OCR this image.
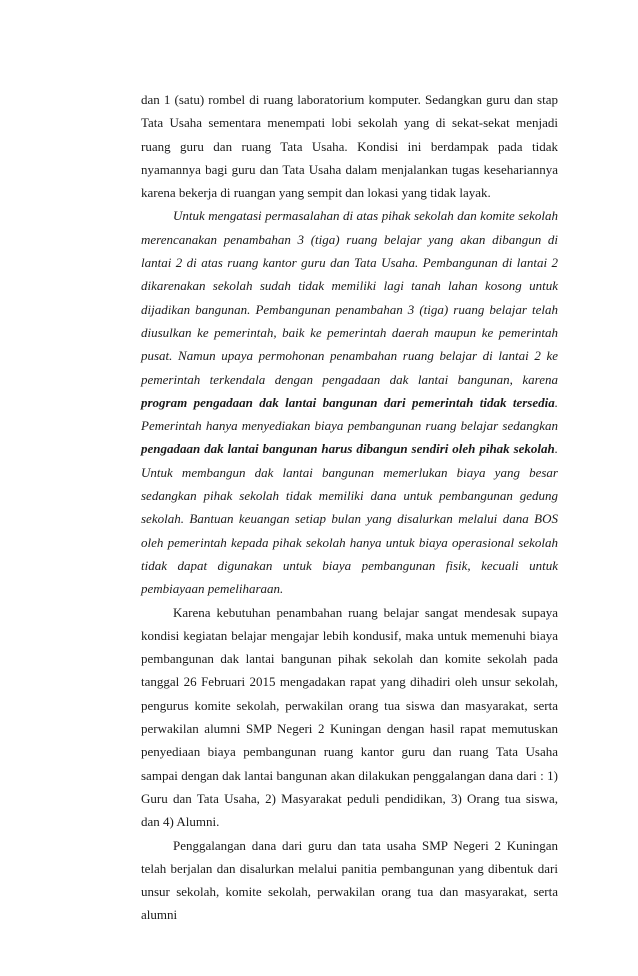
dan 1 (satu) rombel di ruang laboratorium komputer. Sedangkan guru dan stap Tata Usaha sementara menempati lobi sekolah yang di sekat-sekat menjadi ruang guru dan ruang Tata Usaha. Kondisi ini berdampak pada tidak nyamannya bagi guru dan Tata Usaha dalam menjalankan tugas kesehariannya karena bekerja di ruangan yang sempit dan lokasi yang tidak layak.

Untuk mengatasi permasalahan di atas pihak sekolah dan komite sekolah merencanakan penambahan 3 (tiga) ruang belajar yang akan dibangun di lantai 2 di atas ruang kantor guru dan Tata Usaha. Pembangunan di lantai 2 dikarenakan sekolah sudah tidak memiliki lagi tanah lahan kosong untuk dijadikan bangunan. Pembangunan penambahan 3 (tiga) ruang belajar telah diusulkan ke pemerintah, baik ke pemerintah daerah maupun ke pemerintah pusat. Namun upaya permohonan penambahan ruang belajar di lantai 2 ke pemerintah terkendala dengan pengadaan dak lantai bangunan, karena program pengadaan dak lantai bangunan dari pemerintah tidak tersedia. Pemerintah hanya menyediakan biaya pembangunan ruang belajar sedangkan pengadaan dak lantai bangunan harus dibangun sendiri oleh pihak sekolah. Untuk membangun dak lantai bangunan memerlukan biaya yang besar sedangkan pihak sekolah tidak memiliki dana untuk pembangunan gedung sekolah. Bantuan keuangan setiap bulan yang disalurkan melalui dana BOS oleh pemerintah kepada pihak sekolah hanya untuk biaya operasional sekolah tidak dapat digunakan untuk biaya pembangunan fisik, kecuali untuk pembiayaan pemeliharaan.

Karena kebutuhan penambahan ruang belajar sangat mendesak supaya kondisi kegiatan belajar mengajar lebih kondusif, maka untuk memenuhi biaya pembangunan dak lantai bangunan pihak sekolah dan komite sekolah pada tanggal 26 Februari 2015 mengadakan rapat yang dihadiri oleh unsur sekolah, pengurus komite sekolah, perwakilan orang tua siswa dan masyarakat, serta perwakilan alumni SMP Negeri 2 Kuningan dengan hasil rapat memutuskan penyediaan biaya pembangunan ruang kantor guru dan ruang Tata Usaha sampai dengan dak lantai bangunan akan dilakukan penggalangan dana dari : 1) Guru dan Tata Usaha, 2) Masyarakat peduli pendidikan, 3) Orang tua siswa, dan 4) Alumni.

Penggalangan dana dari guru dan tata usaha SMP Negeri 2 Kuningan telah berjalan dan disalurkan melalui panitia pembangunan yang dibentuk dari unsur sekolah, komite sekolah, perwakilan orang tua dan masyarakat, serta alumni
